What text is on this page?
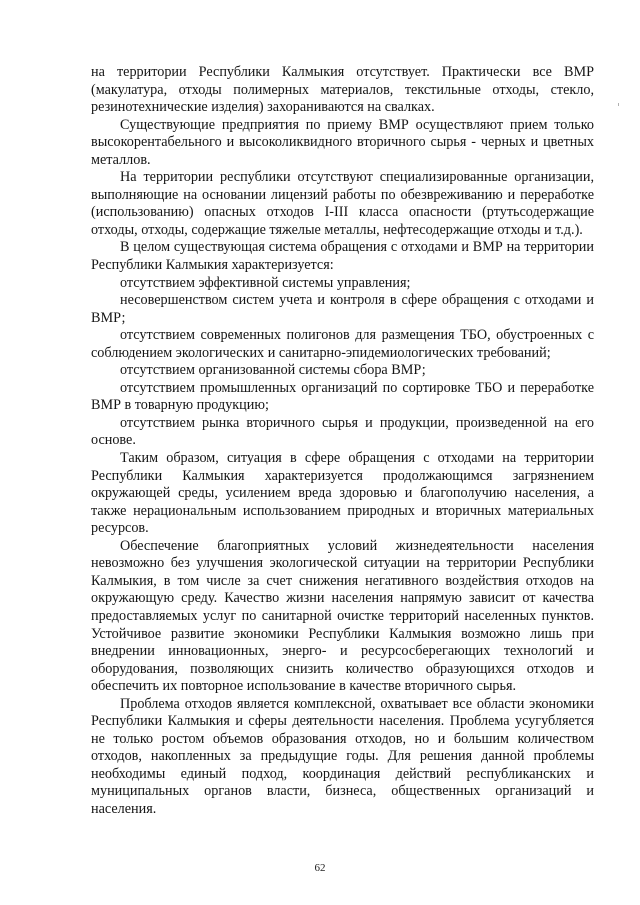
на территории Республики Калмыкия отсутствует. Практически все ВМР (макулатура, отходы полимерных материалов, текстильные отходы, стекло, резинотехнические изделия) захораниваются на свалках.

Существующие предприятия по приему ВМР осуществляют прием только высокорентабельного и высоколиквидного вторичного сырья - черных и цветных металлов.

На территории республики отсутствуют специализированные организации, выполняющие на основании лицензий работы по обезвреживанию и переработке (использованию) опасных отходов I-III класса опасности (ртутьсодержащие отходы, отходы, содержащие тяжелые металлы, нефтесодержащие отходы и т.д.).

В целом существующая система обращения с отходами и ВМР на территории Республики Калмыкия характеризуется:

отсутствием эффективной системы управления;

несовершенством систем учета и контроля в сфере обращения с отходами и ВМР;

отсутствием современных полигонов для размещения ТБО, обустроенных с соблюдением экологических и санитарно-эпидемиологических требований;

отсутствием организованной системы сбора ВМР;

отсутствием промышленных организаций по сортировке ТБО и переработке ВМР в товарную продукцию;

отсутствием рынка вторичного сырья и продукции, произведенной на его основе.

Таким образом, ситуация в сфере обращения с отходами на территории Республики Калмыкия характеризуется продолжающимся загрязнением окружающей среды, усилением вреда здоровью и благополучию населения, а также нерациональным использованием природных и вторичных материальных ресурсов.

Обеспечение благоприятных условий жизнедеятельности населения невозможно без улучшения экологической ситуации на территории Республики Калмыкия, в том числе за счет снижения негативного воздействия отходов на окружающую среду. Качество жизни населения напрямую зависит от качества предоставляемых услуг по санитарной очистке территорий населенных пунктов. Устойчивое развитие экономики Республики Калмыкия возможно лишь при внедрении инновационных, энерго- и ресурсосберегающих технологий и оборудования, позволяющих снизить количество образующихся отходов и обеспечить их повторное использование в качестве вторичного сырья.

Проблема отходов является комплексной, охватывает все области экономики Республики Калмыкия и сферы деятельности населения. Проблема усугубляется не только ростом объемов образования отходов, но и большим количеством отходов, накопленных за предыдущие годы. Для решения данной проблемы необходимы единый подход, координация действий республиканских и муниципальных органов власти, бизнеса, общественных организаций и населения.

62
